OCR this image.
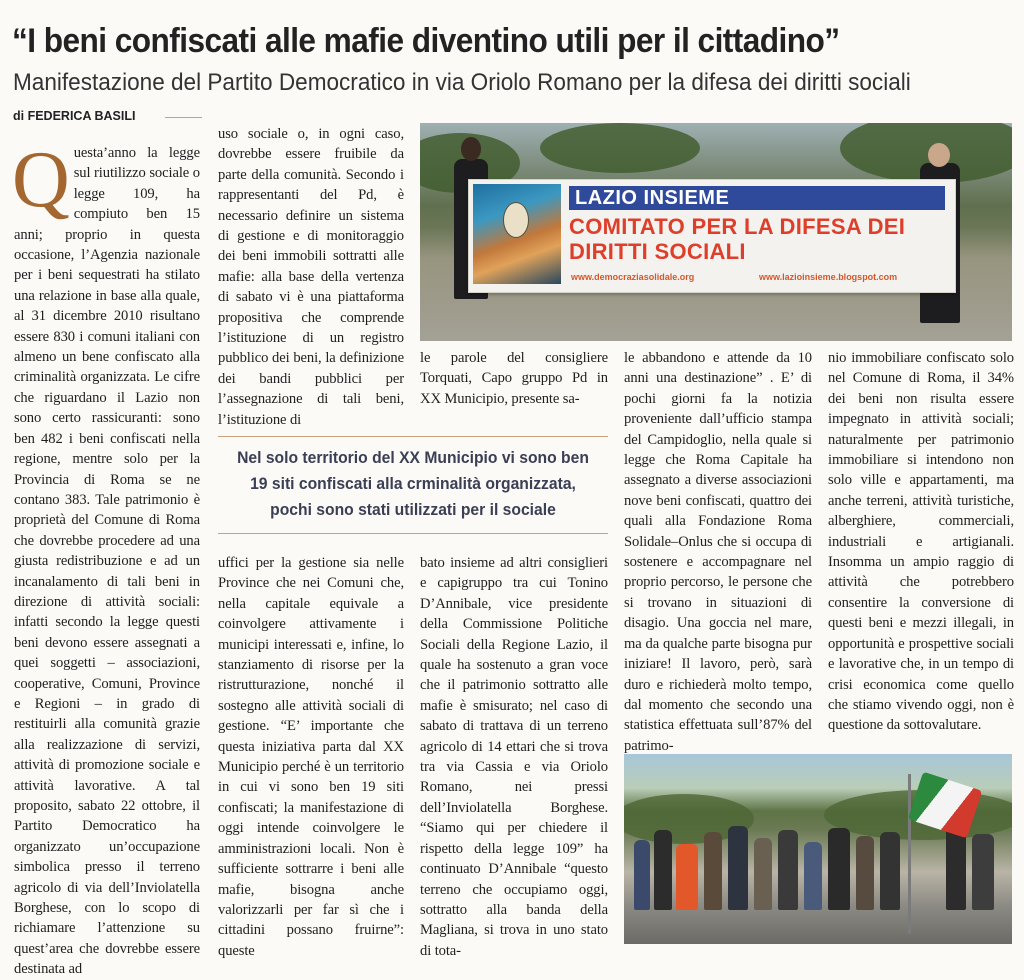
“I beni confiscati alle mafie diventino utili per il cittadino”
Manifestazione del Partito Democratico in via Oriolo Romano per la difesa dei diritti sociali
di FEDERICA BASILI

Questa’anno la legge sul riutilizzo sociale o legge 109, ha compiuto ben 15 anni; proprio in questa occasione, l’Agenzia nazionale per i beni sequestrati ha stilato una relazione in base alla quale, al 31 dicembre 2010 risultano essere 830 i comuni italiani con almeno un bene confiscato alla criminalità organizzata. Le cifre che riguardano il Lazio non sono certo rassicuranti: sono ben 482 i beni confiscati nella regione, mentre solo per la Provincia di Roma se ne contano 383. Tale patrimonio è proprietà del Comune di Roma che dovrebbe procedere ad una giusta redistribuzione e ad un incanalamento di tali beni in direzione di attività sociali: infatti secondo la legge questi beni devono essere assegnati a quei soggetti – associazioni, cooperative, Comuni, Province e Regioni – in grado di restituirli alla comunità grazie alla realizzazione di servizi, attività di promozione sociale e attività lavorative. A tal proposito, sabato 22 ottobre, il Partito Democratico ha organizzato un’occupazione simbolica presso il terreno agricolo di via dell’Inviolatella Borghese, con lo scopo di richiamare l’attenzione su quest’area che dovrebbe essere destinata ad

uso sociale o, in ogni caso, dovrebbe essere fruibile da parte della comunità. Secondo i rappresentanti del Pd, è necessario definire un sistema di gestione e di monitoraggio dei beni immobili sottratti alle mafie: alla base della vertenza di sabato vi è una piattaforma propositiva che comprende l’istituzione di un registro pubblico dei beni, la definizione dei bandi pubblici per l’assegnazione di tali beni, l’istituzione di

LAZIO INSIEME

COMITATO PER LA DIFESA DEI DIRITTI SOCIALI

www.democraziasolidale.org	www.lazioinsieme.blogspot.com

le parole del consigliere Torquati, Capo gruppo Pd in XX Municipio, presente sa-

le abbandono e attende da 10 anni una destinazione” . E’ di pochi giorni fa la notizia proveniente dall’ufficio stampa del Campidoglio, nella quale si legge che Roma Capitale ha assegnato a diverse associazioni nove beni confiscati, quattro dei quali alla Fondazione Roma Solidale–Onlus che si occupa di sostenere e accompagnare nel proprio percorso, le persone che si trovano in situazioni di disagio. Una goccia nel mare, ma da qualche parte bisogna pur iniziare! Il lavoro, però, sarà duro e richiederà molto tempo, dal momento che secondo una statistica effettuata sull’87% del patrimo-

nio immobiliare confiscato solo nel Comune di Roma, il 34% dei beni non risulta essere impegnato in attività sociali; naturalmente per patrimonio immobiliare si intendono non solo ville e appartamenti, ma anche terreni, attività turistiche, alberghiere, commerciali, industriali e artigianali. Insomma un ampio raggio di attività che potrebbero consentire la conversione di questi beni e mezzi illegali, in opportunità e prospettive sociali e lavorative che, in un tempo di crisi economica come quello che stiamo vivendo oggi, non è questione da sottovalutare.

Nel solo territorio del XX Municipio vi sono ben 19 siti confiscati alla crminalità organizzata, pochi sono stati utilizzati per il sociale

uffici per la gestione sia nelle Province che nei Comuni che, nella capitale equivale a coinvolgere attivamente i municipi interessati e, infine, lo stanziamento di risorse per la ristrutturazione, nonché il sostegno alle attività sociali di gestione. “E’ importante che questa iniziativa parta dal XX Municipio perché è un territorio in cui vi sono ben 19 siti confiscati; la manifestazione di oggi intende coinvolgere le amministrazioni locali. Non è sufficiente sottrarre i beni alle mafie, bisogna anche valorizzarli per far sì che i cittadini possano fruirne”: queste

bato insieme ad altri consiglieri e capigruppo tra cui Tonino D’Annibale, vice presidente della Commissione Politiche Sociali della Regione Lazio, il quale ha sostenuto a gran voce che il patrimonio sottratto alle mafie è smisurato; nel caso di sabato di trattava di un terreno agricolo di 14 ettari che si trova tra via Cassia e via Oriolo Romano, nei pressi dell’Inviolatella Borghese. “Siamo qui per chiedere il rispetto della legge 109” ha continuato D’Annibale “questo terreno che occupiamo oggi, sottratto alla banda della Magliana, si trova in uno stato di tota-
